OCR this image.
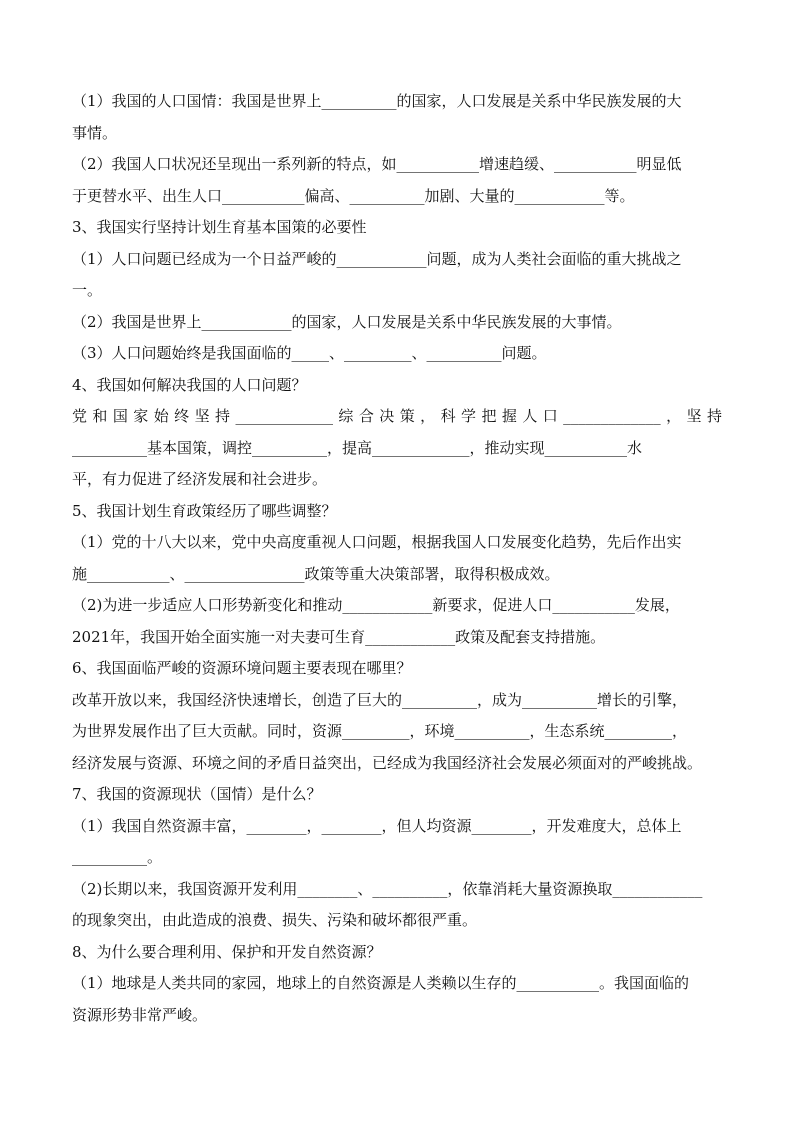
（1）我国的人口国情：我国是世界上__________的国家，人口发展是关系中华民族发展的大
事情。
（2）我国人口状况还呈现出一系列新的特点，如___________增速趋缓、___________明显低
于更替水平、出生人口___________偏高、__________加剧、大量的____________等。
3、我国实行坚持计划生育基本国策的必要性
（1）人口问题已经成为一个日益严峻的____________问题，成为人类社会面临的重大挑战之
一。
（2）我国是世界上____________的国家，人口发展是关系中华民族发展的大事情。
（3）人口问题始终是我国面临的_____、_________、__________问题。
4、我国如何解决我国的人口问题？
党和国家始终坚持_____________综合决策，科学把握人口_____________，坚持
__________基本国策，调控__________，提高_____________，推动实现___________水
平，有力促进了经济发展和社会进步。
5、我国计划生育政策经历了哪些调整？
（1）党的十八大以来，党中央高度重视人口问题，根据我国人口发展变化趋势，先后作出实
施___________、________________政策等重大决策部署，取得积极成效。
（2)为进一步适应人口形势新变化和推动____________新要求，促进人口___________发展，
2021年，我国开始全面实施一对夫妻可生育____________政策及配套支持措施。
6、我国面临严峻的资源环境问题主要表现在哪里？
改革开放以来，我国经济快速增长，创造了巨大的__________，成为__________增长的引擎，
为世界发展作出了巨大贡献。同时，资源_________，环境__________，生态系统_________，
经济发展与资源、环境之间的矛盾日益突出，已经成为我国经济社会发展必须面对的严峻挑战。
7、我国的资源现状（国情）是什么？
（1）我国自然资源丰富，________，________，但人均资源________，开发难度大，总体上
__________。
（2)长期以来，我国资源开发利用________、__________，依靠消耗大量资源换取____________
的现象突出，由此造成的浪费、损失、污染和破坏都很严重。
8、为什么要合理利用、保护和开发自然资源？
（1）地球是人类共同的家园，地球上的自然资源是人类赖以生存的___________。我国面临的
资源形势非常严峻。
